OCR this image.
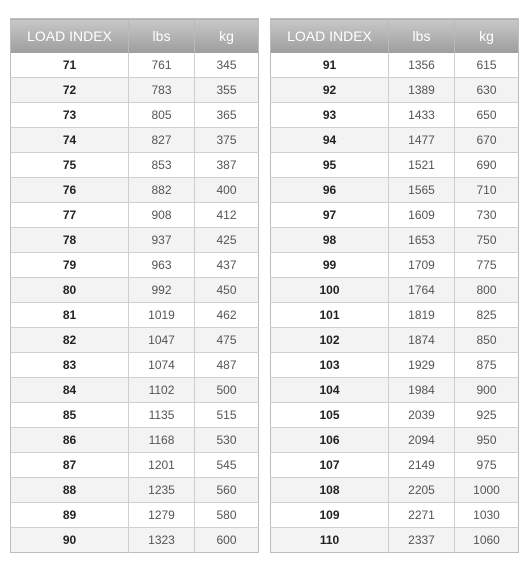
LOAD INDEX	lbs	kg
71	761	345
72	783	355
73	805	365
74	827	375
75	853	387
76	882	400
77	908	412
78	937	425
79	963	437
80	992	450
81	1019	462
82	1047	475
83	1074	487
84	1102	500
85	1135	515
86	1168	530
87	1201	545
88	1235	560
89	1279	580
90	1323	600
LOAD INDEX	lbs	kg
91	1356	615
92	1389	630
93	1433	650
94	1477	670
95	1521	690
96	1565	710
97	1609	730
98	1653	750
99	1709	775
100	1764	800
101	1819	825
102	1874	850
103	1929	875
104	1984	900
105	2039	925
106	2094	950
107	2149	975
108	2205	1000
109	2271	1030
110	2337	1060
